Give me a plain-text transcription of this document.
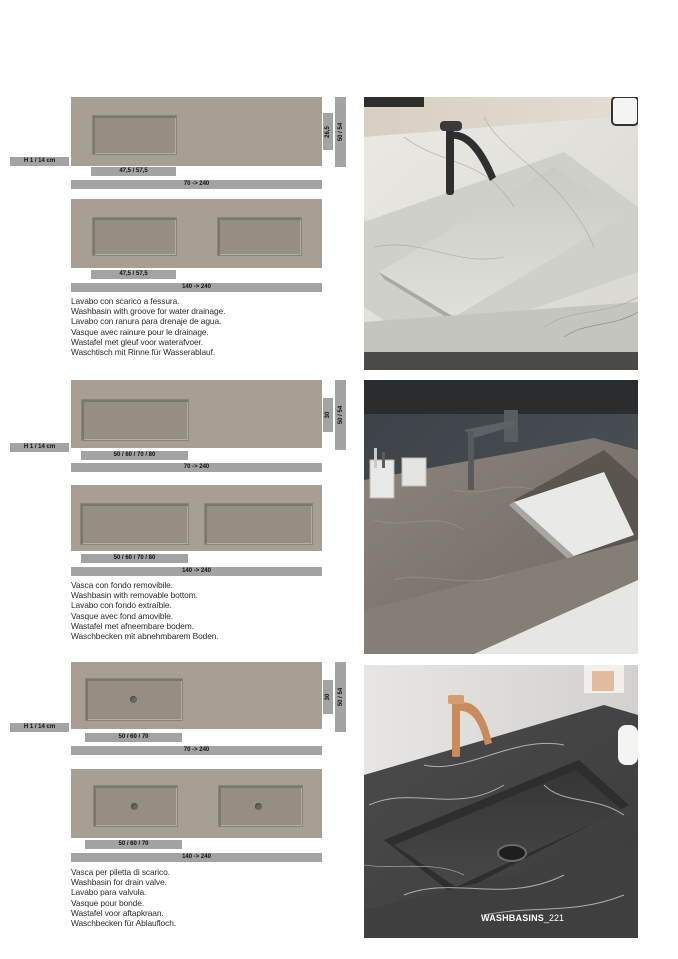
26,5 50 / 54
H 1 / 14 cm
47,5 / 57,5
70 -> 240
47,5 / 57,5
140 -> 240
Lavabo con scarico a fessura.
Washbasin with groove for water drainage.
Lavabo con ranura para drenaje de agua.
Vasque avec rainure pour le drainage.
Wastafel met gleuf voor waterafvoer.
Waschtisch mit Rinne für Wasserablauf.
30 50 / 54
H 1 / 14 cm
50 / 60 / 70 / 80
70 -> 240
50 / 60 / 70 / 80
140 -> 240
Vasca con fondo removibile.
Washbasin with removable bottom.
Lavabo con fondo extraíble.
Vasque avec fond amovible.
Wastafel met afneembare bodem.
Waschbecken mit abnehmbarem Boden.
30 50 / 54
H 1 / 14 cm
50 / 60 / 70
70 -> 240
50 / 60 / 70
140 -> 240
Vasca per piletta di scarico.
Washbasin for drain valve.
Lavabo para valvula.
Vasque pour bonde.
Wastafel voor aftapkraan.
Waschbecken für Ablaufloch.
WASHBASINS_221
